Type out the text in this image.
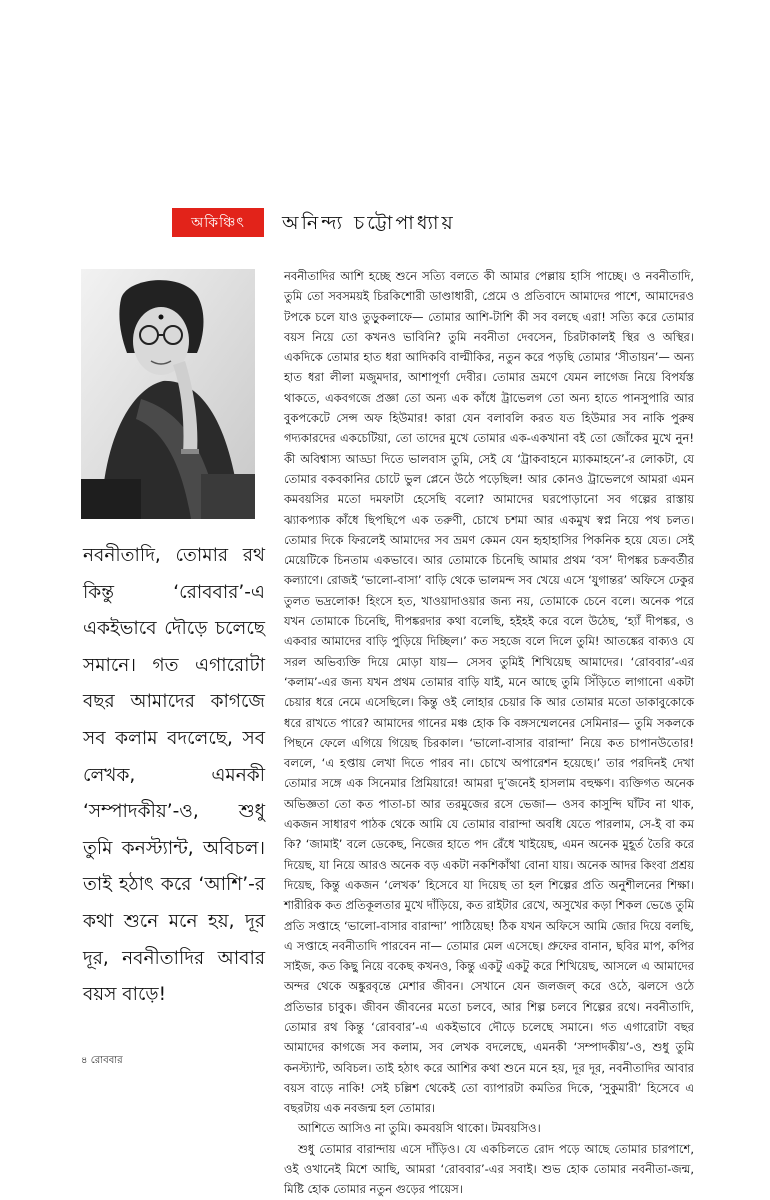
অকিঞ্চিৎ	অনিন্দ্য চট্টোপাধ্যায়
নবনীতাদি, তোমার রথ কিন্তু ‘রোববার’-এ একইভাবে দৌড়ে চলেছে সমানে। গত এগারোটা বছর আমাদের কাগজে সব কলাম বদলেছে, সব লেখক, এমনকী ‘সম্পাদকীয়’-ও, শুধু তুমি কনস্ট্যান্ট, অবিচল। তাই হঠাৎ করে ‘আশি’-র কথা শুনে মনে হয়, দূর দূর, নবনীতাদির আবার বয়স বাড়ে!

নবনীতাদির আশি হচ্ছে শুনে সত্যি বলতে কী আমার পেল্লায় হাসি পাচ্ছে। ও নবনীতাদি, তুমি তো সবসময়ই চিরকিশোরী ডাণ্ডাধারী, প্রেমে ও প্রতিবাদে আমাদের পাশে, আমাদেরও টপকে চলে যাও তুড়ুকলাফে— তোমার আশি-টাশি কী সব বলছে এরা! সত্যি করে তোমার বয়স নিয়ে তো কখনও ভাবিনি? তুমি নবনীতা দেবসেন, চিরটাকালই স্থির ও অস্থির। একদিকে তোমার হাত ধরা আদিকবি বাল্মীকির, নতুন করে পড়ছি তোমার ‘সীতায়ন’— অন্য হাত ধরা লীলা মজুমদার, আশাপূর্ণা দেবীর। তোমার ভ্রমণে যেমন লাগেজ নিয়ে বিপর্যস্ত থাকতে, একবগজে প্রজ্ঞা তো অন্য এক কাঁধে ট্রাভেলগ তো অন্য হাতে পানসুপারি আর বুকপকেটে সেন্স অফ হিউমার! কারা যেন বলাবলি করত যত হিউমার সব নাকি পুরুষ গদ্যকারদের একচেটিয়া, তো তাদের মুখে তোমার এক-একখানা বই তো জোঁকের মুখে নুন! কী অবিশ্বাস্য আড্ডা দিতে ভালবাস তুমি, সেই যে ‘ট্রাকবাহনে ম্যাকমাহনে’-র লোকটা, যে তোমার বকবকানির চোটে ভুল প্লেনে উঠে পড়েছিল! আর কোনও ট্রাভেলগে আমরা এমন কমবয়সির মতো দমফাটা হেসেছি বলো? আমাদের ঘরপোড়ানো সব গল্পের রাস্তায় ঝ্যাকপ্যাক কাঁধে ছিপছিপে এক তরুণী, চোখে চশমা আর একমুখ স্বপ্ন নিয়ে পথ চলত। তোমার দিকে ফিরলেই আমাদের সব ভ্রমণ কেমন যেন হৃহাহাসির পিকনিক হয়ে যেত। সেই মেয়েটিকে চিনতাম একভাবে। আর তোমাকে চিনেছি আমার প্রথম ‘বস’ দীপঙ্কর চক্রবর্তীর কল্যাণে। রোজই ‘ভালো-বাসা’ বাড়ি থেকে ভালমন্দ সব খেয়ে এসে ‘যুগান্তর’ অফিসে ঢেকুর তুলত ভদ্রলোক! হিংসে হত, খাওয়াদাওয়ার জন্য নয়, তোমাকে চেনে বলে। অনেক পরে যখন তোমাকে চিনেছি, দীপঙ্করদার কথা বলেছি, হইহই করে বলে উঠেছ, ‘হ্যাঁ দীপঙ্কর, ও একবার আমাদের বাড়ি পুড়িয়ে দিচ্ছিল।’ কত সহজে বলে দিলে তুমি! আতঙ্কের বাক্যও যে সরল অভিব্যক্তি দিয়ে মোড়া যায়— সেসব তুমিই শিখিয়েছ আমাদের। ‘রোববার’-এর ‘কলাম’-এর জন্য যখন প্রথম তোমার বাড়ি যাই, মনে আছে তুমি সিঁড়িতে লাগানো একটা চেয়ার ধরে নেমে এসেছিলে। কিন্তু ওই লোহার চেয়ার কি আর তোমার মতো ডাকাবুকোকে ধরে রাখতে পারে? আমাদের গানের মঞ্চ হোক কি বঙ্গসম্মেলনের সেমিনার— তুমি সকলকে পিছনে ফেলে এগিয়ে গিয়েছ চিরকাল। ‘ভালো-বাসার বারান্দা’ নিয়ে কত চাপানউতোর! বললে, ‘এ হপ্তায় লেখা দিতে পারব না। চোখে অপারেশন হয়েছে।’ তার পরদিনই দেখা তোমার সঙ্গে এক সিনেমার প্রিমিয়ারে! আমরা দু’জনেই হাসলাম বহুক্ষণ। ব্যক্তিগত অনেক অভিজ্ঞতা তো কত পাতা-চা আর তরমুজের রসে ভেজা— ওসব কাসুন্দি ঘাঁটব না থাক, একজন সাধারণ পাঠক থেকে আমি যে তোমার বারান্দা অবধি যেতে পারলাম, সে-ই বা কম কি? ‘জামাই’ বলে ডেকেছ, নিজের হাতে পদ রেঁধে খাইয়েছ, এমন অনেক মুহূর্ত তৈরি করে দিয়েছ, যা নিয়ে আরও অনেক বড় একটা নকশিকাঁথা বোনা যায়। অনেক আদর কিংবা প্রশ্রয় দিয়েছ, কিন্তু একজন ‘লেখক’ হিসেবে যা দিয়েছ তা হল শিল্পের প্রতি অনুশীলনের শিক্ষা। শারীরিক কত প্রতিকূলতার মুখে দাঁড়িয়ে, কত রাইটার রেখে, অসুখের কড়া শিকল ভেঙে তুমি প্রতি সপ্তাহে ‘ভালো-বাসার বারান্দা’ পাঠিয়েছ! ঠিক যখন অফিসে আমি জোর দিয়ে বলছি, এ সপ্তাহে নবনীতাদি পারবেন না— তোমার মেল এসেছে। প্রুফের বানান, ছবির মাপ, কপির সাইজ, কত কিছু নিয়ে বকেছ কখনও, কিন্তু একটু একটু করে শিখিয়েছ, আসলে এ আমাদের অন্দর থেকে অঙ্কুরবৃন্তে মেশার জীবন। সেখানে যেন জলজল্ করে ওঠে, ঝলসে ওঠে প্রতিভার চাবুক। জীবন জীবনের মতো চলবে, আর শিল্প চলবে শিল্পের রথে। নবনীতাদি, তোমার রথ কিন্তু ‘রোববার’-এ একইভাবে দৌড়ে চলেছে সমানে। গত এগারোটা বছর আমাদের কাগজে সব কলাম, সব লেখক বদলেছে, এমনকী ‘সম্পাদকীয়’-ও, শুধু তুমি কনস্ট্যান্ট, অবিচল। তাই হঠাৎ করে আশির কথা শুনে মনে হয়, দূর দূর, নবনীতাদির আবার বয়স বাড়ে নাকি! সেই চল্লিশ থেকেই তো ব্যাপারটা কমতির দিকে, ‘সুকুমারী’ হিসেবে এ বছরটায় এক নবজন্ম হল তোমার।

আশিতে আসিও না তুমি। কমবয়সি থাকো। টমবয়সিও।

শুধু তোমার বারান্দায় এসে দাঁড়িও। যে একচিলতে রোদ পড়ে আছে তোমার চারপাশে, ওই ওখানেই মিশে আছি, আমরা ‘রোববার’-এর সবাই। শুভ হোক তোমার নবনীতা-জন্ম, মিষ্টি হোক তোমার নতুন গুড়ের পায়েস।

৪ রোববার
